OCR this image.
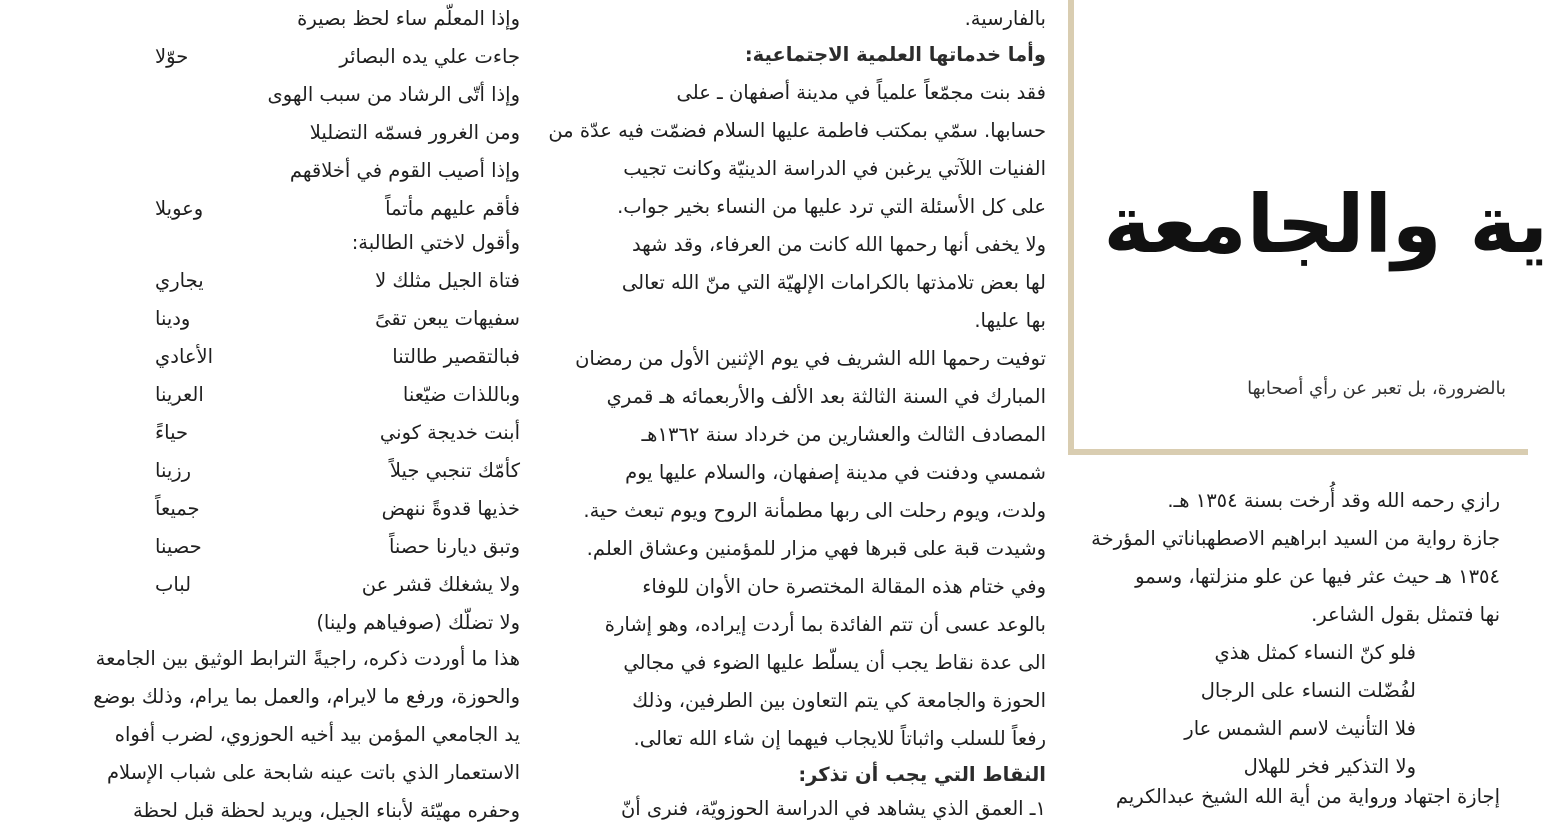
وإذا المعلّم ساء لحظ بصيرة
جاءت علي يده البصائر
حوّلا
وإذا أتّى الرشاد من سبب الهوى
ومن الغرور فسمّه التضليلا
وإذا أصيب القوم في أخلاقهم
فأقم عليهم مأتماً
وعويلا
وأقول لاختي الطالبة:
فتاة الجيل مثلك لا
يجاري
سفيهات يبعن تقىً
ودينا
فبالتقصير طالتنا
الأعادي
وباللذات ضيّعنا
العرينا
أبنت خديجة كوني
حياءً
كأمّك تنجبي جيلاً
رزينا
خذيها قدوةً ننهض
جميعاً
وتبق ديارنا حصناً
حصينا
ولا يشغلك قشر عن
لباب
ولا تضلّك (صوفياهم ولينا)
هذا ما أوردت ذكره، راجيةً الترابط الوثيق بين الجامعة
والحوزة، ورفع ما لايرام، والعمل بما يرام، وذلك بوضع
يد الجامعي المؤمن بيد أخيه الحوزوي، لضرب أفواه
الاستعمار الذي باتت عينه شابحة على شباب الإسلام
وحفره مهيّئة لأبناء الجيل، ويريد لحظة قبل لحظة
بالفارسية.
وأما خدماتها العلمية الاجتماعية:
فقد بنت مجمّعاً علمياً في مدينة أصفهان ـ على
حسابها. سمّي بمكتب فاطمة عليها السلام فضمّت فيه عدّة من
الفنيات اللآتي يرغبن في الدراسة الدينيّة وكانت تجيب
على كل الأسئلة التي ترد عليها من النساء بخير جواب.
ولا يخفى أنها رحمها الله كانت من العرفاء، وقد شهد
لها بعض تلامذتها بالكرامات الإلهيّة التي منّ الله تعالى
بها عليها.
توفيت رحمها الله الشريف في يوم الإثنين الأول من رمضان
المبارك في السنة الثالثة بعد الألف والأربعمائه هـ قمري
المصادف الثالث والعشارين من خرداد سنة ١٣٦٢هـ
شمسي ودفنت في مدينة إصفهان، والسلام عليها يوم
ولدت، ويوم رحلت الى ربها مطمأنة الروح ويوم تبعث حية.
وشيدت قبة على قبرها فهي مزار للمؤمنين وعشاق العلم.
وفي ختام هذه المقالة المختصرة حان الأوان للوفاء
بالوعد عسى أن تتم الفائدة بما أردت إيراده، وهو إشارة
الى عدة نقاط يجب أن يسلّط عليها الضوء في مجالي
الحوزة والجامعة كي يتم التعاون بين الطرفين، وذلك
رفعاً للسلب واثباتاً للايجاب فيهما إن شاء الله تعالى.
النقاط التي يجب أن تذكر:
١ـ العمق الذي يشاهد في الدراسة الحوزويّة، فنرى أنّ
ية والجامعة
بالضرورة، بل تعبر عن رأي أصحابها
رازي رحمه الله وقد أُرخت بسنة ١٣٥٤ هـ.
جازة رواية من السيد ابراهيم الاصطهباناتي المؤرخة
١٣٥٤ هـ حيث عثر فيها عن علو منزلتها، وسمو
نها فتمثل بقول الشاعر.
فلو كنّ النساء كمثل هذي
لفُضّلت النساء على الرجال
فلا التأنيث لاسم الشمس عار
ولا التذكير فخر للهلال
إجازة اجتهاد ورواية من أية الله الشيخ عبدالكريم
